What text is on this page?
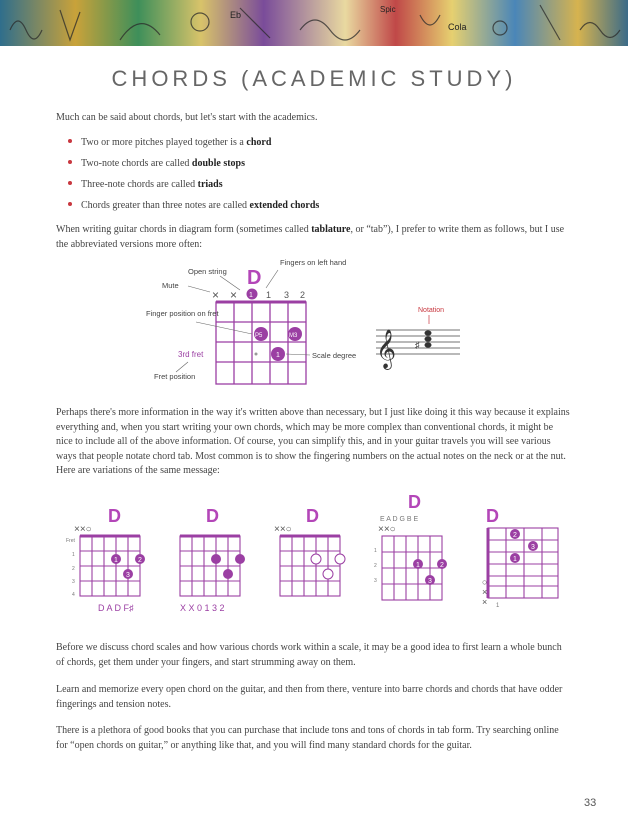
Eb
Cola
Spic
CHORDS (ACADEMIC STUDY)
Much can be said about chords, but let's start with the academics.
Two or more pitches played together is a chord
Two-note chords are called double stops
Three-note chords are called triads
Chords greater than three notes are called extended chords
When writing guitar chords in diagram form (sometimes called tablature, or “tab”), I prefer to write them as follows, but I use the abbreviated versions more often:
D
× × 1 1 3 2
P5	M3
1
Open string
Fingers on left hand
Mute
Finger position on fret
Scale degree
3rd fret
Fret position
𝄞 ♯
Notation
Perhaps there's more information in the way it's written above than necessary, but I just like doing it this way because it explains everything and, when you start writing your own chords, which may be more complex than conventional chords, it might be nice to include all of the above information. Of course, you can simplify this, and in your guitar travels you will see various ways that people notate chord tab. Most common is to show the fingering numbers on the actual notes on the neck or at the nut. Here are variations of the same message:
D
××○
Fret
1
2
3
4
1	2
3
D A D F♯
D
X X 0 1 3 2
D
××○
D
E A D G B E
××○
1
2
3
1	2
3
D
2
3
1
○
×
× 1
Before we discuss chord scales and how various chords work within a scale, it may be a good idea to first learn a whole bunch of chords, get them under your fingers, and start strumming away on them.
Learn and memorize every open chord on the guitar, and then from there, venture into barre chords and chords that have odder fingerings and tension notes.
There is a plethora of good books that you can purchase that include tons and tons of chords in tab form. Try searching online for “open chords on guitar,” or anything like that, and you will find many standard chords for the guitar.
33
